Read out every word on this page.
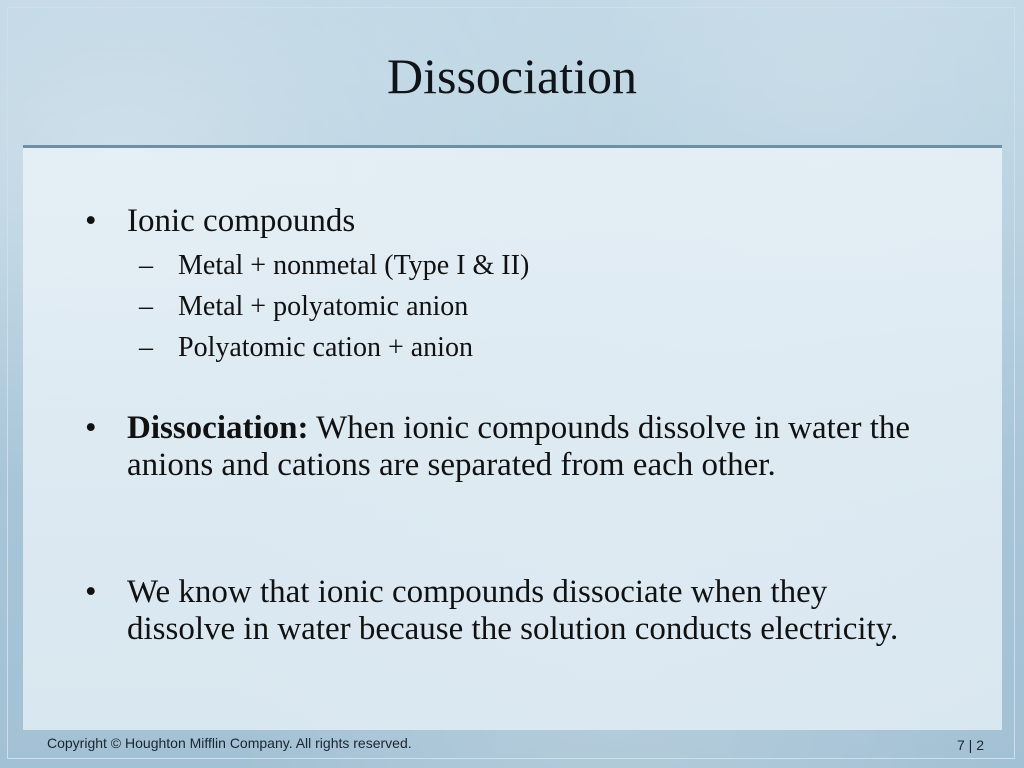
Dissociation
• Ionic compounds
– Metal + nonmetal (Type I & II)
– Metal + polyatomic anion
– Polyatomic cation + anion
• Dissociation: When ionic compounds dissolve in water the anions and cations are separated from each other.
• We know that ionic compounds dissociate when they dissolve in water because the solution conducts electricity.
Copyright © Houghton Mifflin Company. All rights reserved.	7 | 2
